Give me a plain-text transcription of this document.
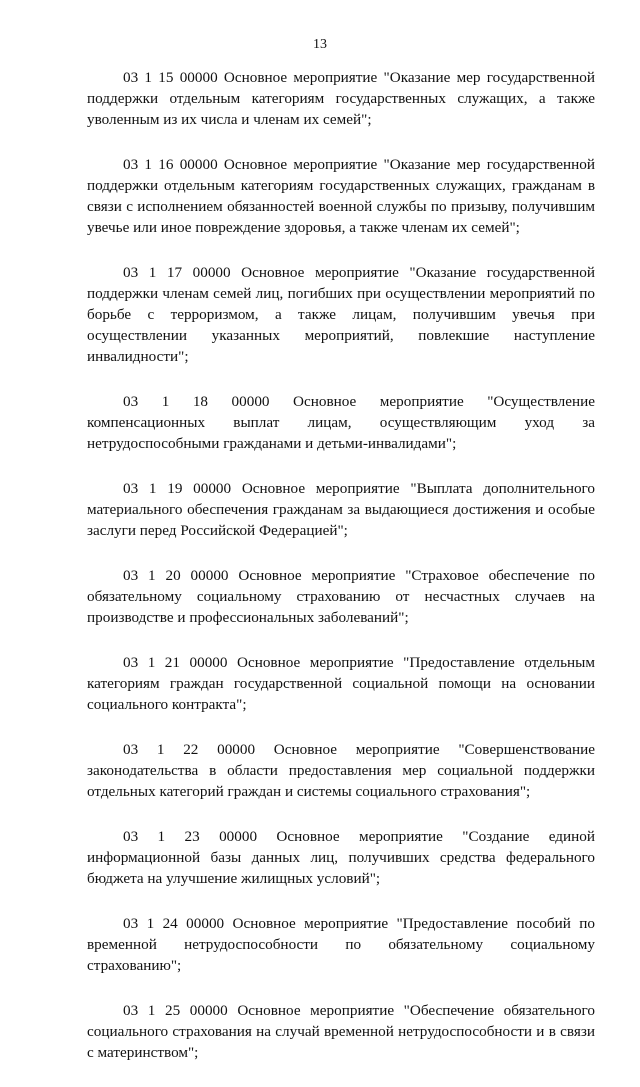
13

03 1 15 00000 Основное мероприятие "Оказание мер государственной поддержки отдельным категориям государственных служащих, а также уволенным из их числа и членам их семей";

03 1 16 00000 Основное мероприятие "Оказание мер государственной поддержки отдельным категориям государственных служащих, гражданам в связи с исполнением обязанностей военной службы по призыву, получившим увечье или иное повреждение здоровья, а также членам их семей";

03 1 17 00000 Основное мероприятие "Оказание государственной поддержки членам семей лиц, погибших при осуществлении мероприятий по борьбе с терроризмом, а также лицам, получившим увечья при осуществлении указанных мероприятий, повлекшие наступление инвалидности";

03 1 18 00000 Основное мероприятие "Осуществление компенсационных выплат лицам, осуществляющим уход за нетрудоспособными гражданами и детьми-инвалидами";

03 1 19 00000 Основное мероприятие "Выплата дополнительного материального обеспечения гражданам за выдающиеся достижения и особые заслуги перед Российской Федерацией";

03 1 20 00000 Основное мероприятие "Страховое обеспечение по обязательному социальному страхованию от несчастных случаев на производстве и профессиональных заболеваний";

03 1 21 00000 Основное мероприятие "Предоставление отдельным категориям граждан государственной социальной помощи на основании социального контракта";

03 1 22 00000 Основное мероприятие "Совершенствование законодательства в области предоставления мер социальной поддержки отдельных категорий граждан и системы социального страхования";

03 1 23 00000 Основное мероприятие "Создание единой информационной базы данных лиц, получивших средства федерального бюджета на улучшение жилищных условий";

03 1 24 00000 Основное мероприятие "Предоставление пособий по временной нетрудоспособности по обязательному социальному страхованию";

03 1 25 00000 Основное мероприятие "Обеспечение обязательного социального страхования на случай временной нетрудоспособности и в связи с материнством";
